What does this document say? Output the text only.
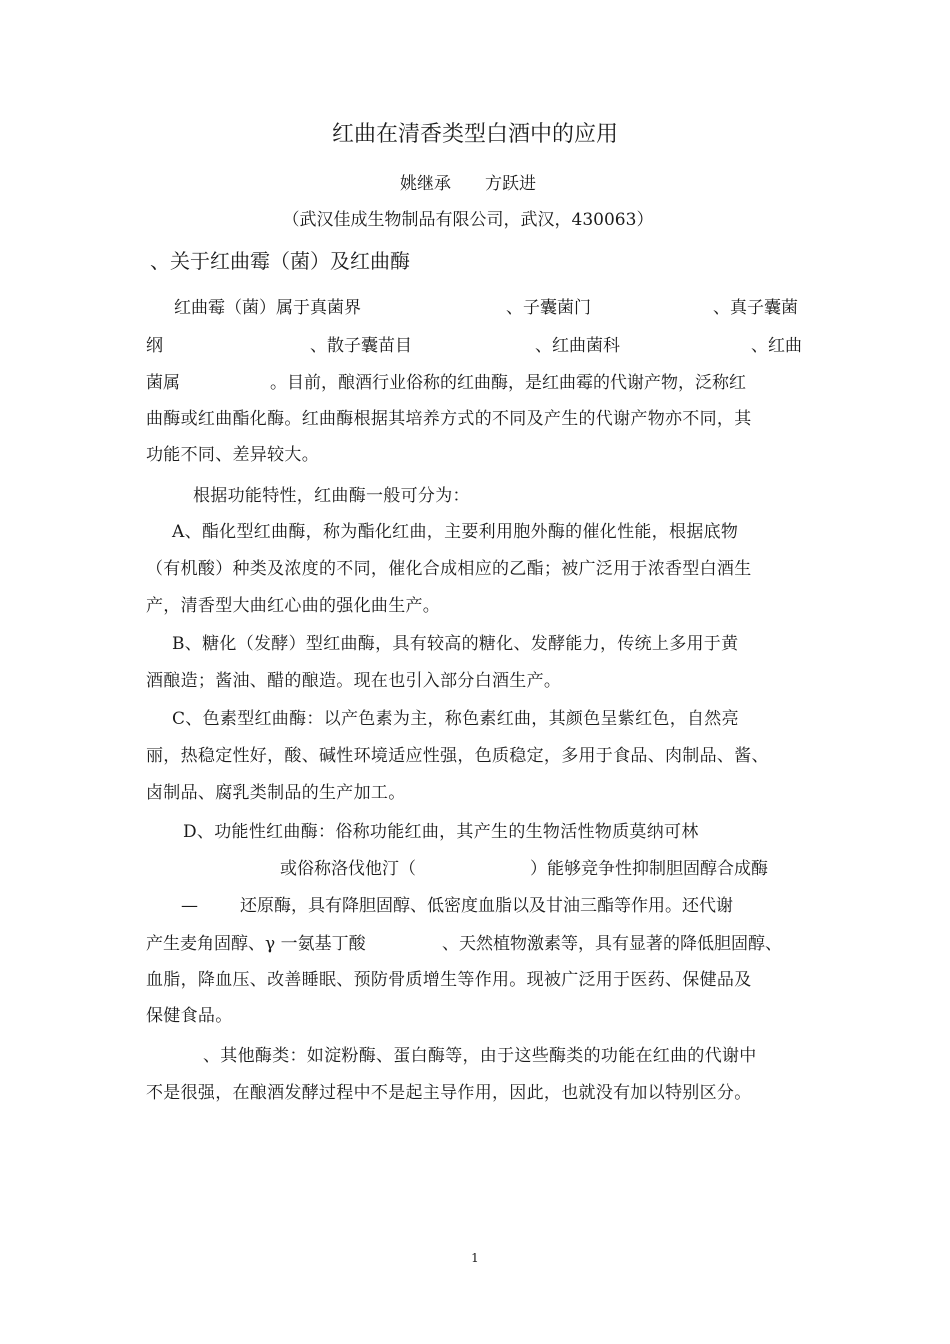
红曲在清香类型白酒中的应用
姚继承　　方跃进
（武汉佳成生物制品有限公司，武汉，430063）
、关于红曲霉（菌）及红曲酶
红曲霉（菌）属于真菌界	、子囊菌门	、真子囊菌
纲	、散子囊苗目	、红曲菌科	、红曲
菌属	。目前，酿酒行业俗称的红曲酶，是红曲霉的代谢产物，泛称红
曲酶或红曲酯化酶。红曲酶根据其培养方式的不同及产生的代谢产物亦不同，其
功能不同、差异较大。
根据功能特性，红曲酶一般可分为：
A、酯化型红曲酶，称为酯化红曲，主要利用胞外酶的催化性能，根据底物
（有机酸）种类及浓度的不同，催化合成相应的乙酯；被广泛用于浓香型白酒生
产，清香型大曲红心曲的强化曲生产。
B、糖化（发酵）型红曲酶，具有较高的糖化、发酵能力，传统上多用于黄
酒酿造；酱油、醋的酿造。现在也引入部分白酒生产。
C、色素型红曲酶：以产色素为主，称色素红曲，其颜色呈紫红色，自然亮
丽，热稳定性好，酸、碱性环境适应性强，色质稳定，多用于食品、肉制品、酱、
卤制品、腐乳类制品的生产加工。
D、功能性红曲酶：俗称功能红曲，其产生的生物活性物质莫纳可林
或俗称洛伐他汀（	）能够竞争性抑制胆固醇合成酶
— 还原酶，具有降胆固醇、低密度血脂以及甘油三酯等作用。还代谢
产生麦角固醇、γ 一氨基丁酸	、天然植物激素等，具有显著的降低胆固醇、
血脂，降血压、改善睡眠、预防骨质增生等作用。现被广泛用于医药、保健品及
保健食品。
、其他酶类：如淀粉酶、蛋白酶等，由于这些酶类的功能在红曲的代谢中
不是很强，在酿酒发酵过程中不是起主导作用，因此，也就没有加以特别区分。
1
